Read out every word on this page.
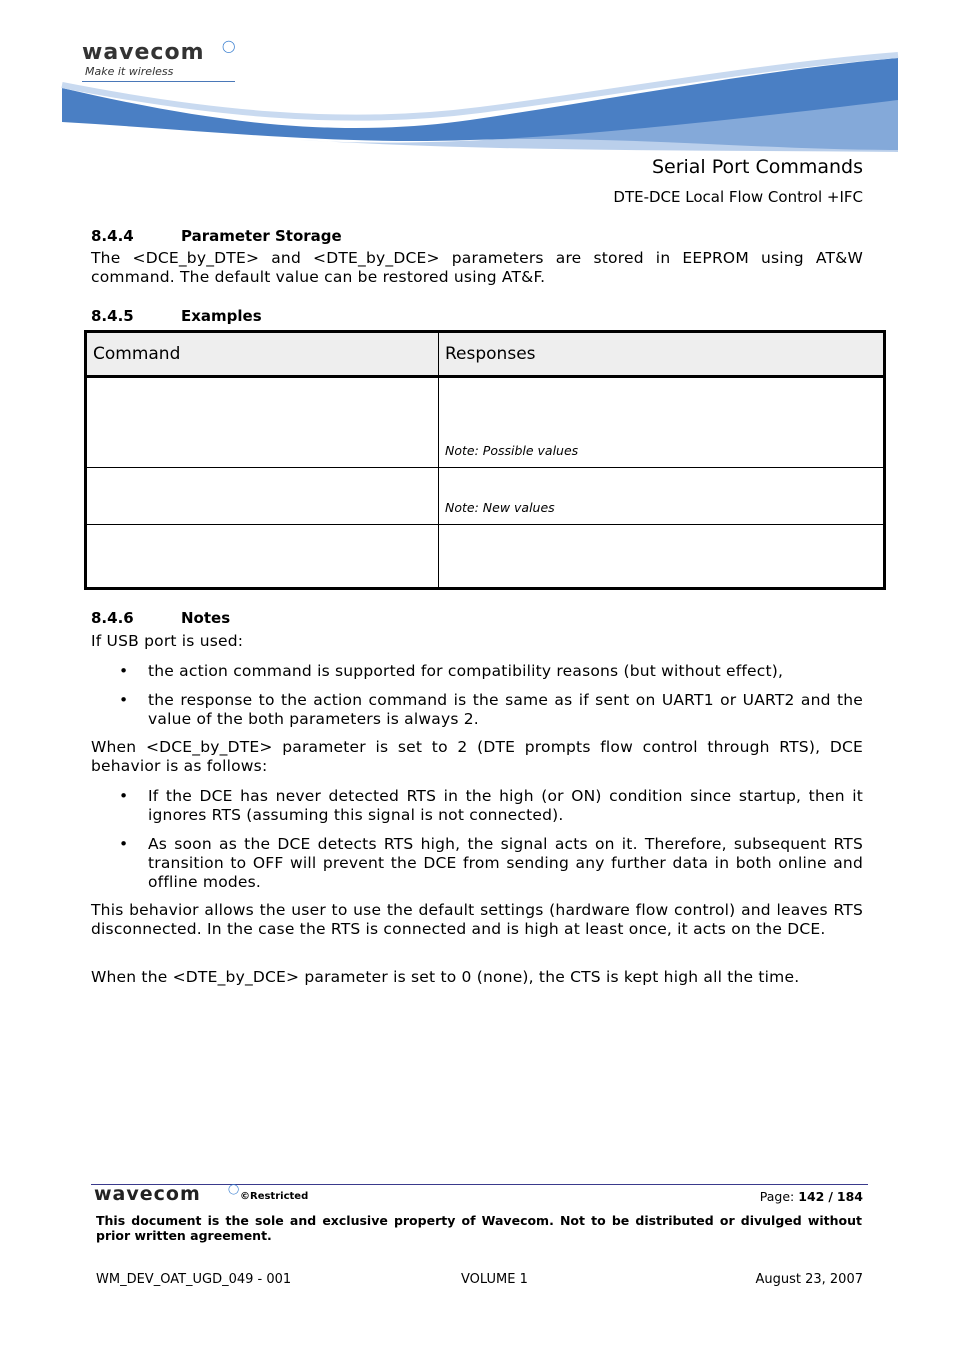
wavecom ◯
Make it wireless
Serial Port Commands
DTE-DCE Local Flow Control +IFC
8.4.4	Parameter Storage
The <DCE_by_DTE> and <DTE_by_DCE> parameters are stored in EEPROM using AT&W command. The default value can be restored using AT&F.
8.4.5	Examples
Command	Responses

	Note: Possible values

	Note: New values

8.4.6	Notes
If USB port is used:
• the action command is supported for compatibility reasons (but without effect),
• the response to the action command is the same as if sent on UART1 or UART2 and the value of the both parameters is always 2.
When <DCE_by_DTE> parameter is set to 2 (DTE prompts flow control through RTS), DCE behavior is as follows:
• If the DCE has never detected RTS in the high (or ON) condition since startup, then it ignores RTS (assuming this signal is not connected).
• As soon as the DCE detects RTS high, the signal acts on it. Therefore, subsequent RTS transition to OFF will prevent the DCE from sending any further data in both online and offline modes.
This behavior allows the user to use the default settings (hardware flow control) and leaves RTS disconnected. In the case the RTS is connected and is high at least once, it acts on the DCE.
When the <DTE_by_DCE> parameter is set to 0 (none), the CTS is kept high all the time.
wavecom	◯
©Restricted	Page: 142 / 184
This document is the sole and exclusive property of Wavecom. Not to be distributed or divulged without prior written agreement.
WM_DEV_OAT_UGD_049 - 001	VOLUME 1	August 23, 2007
